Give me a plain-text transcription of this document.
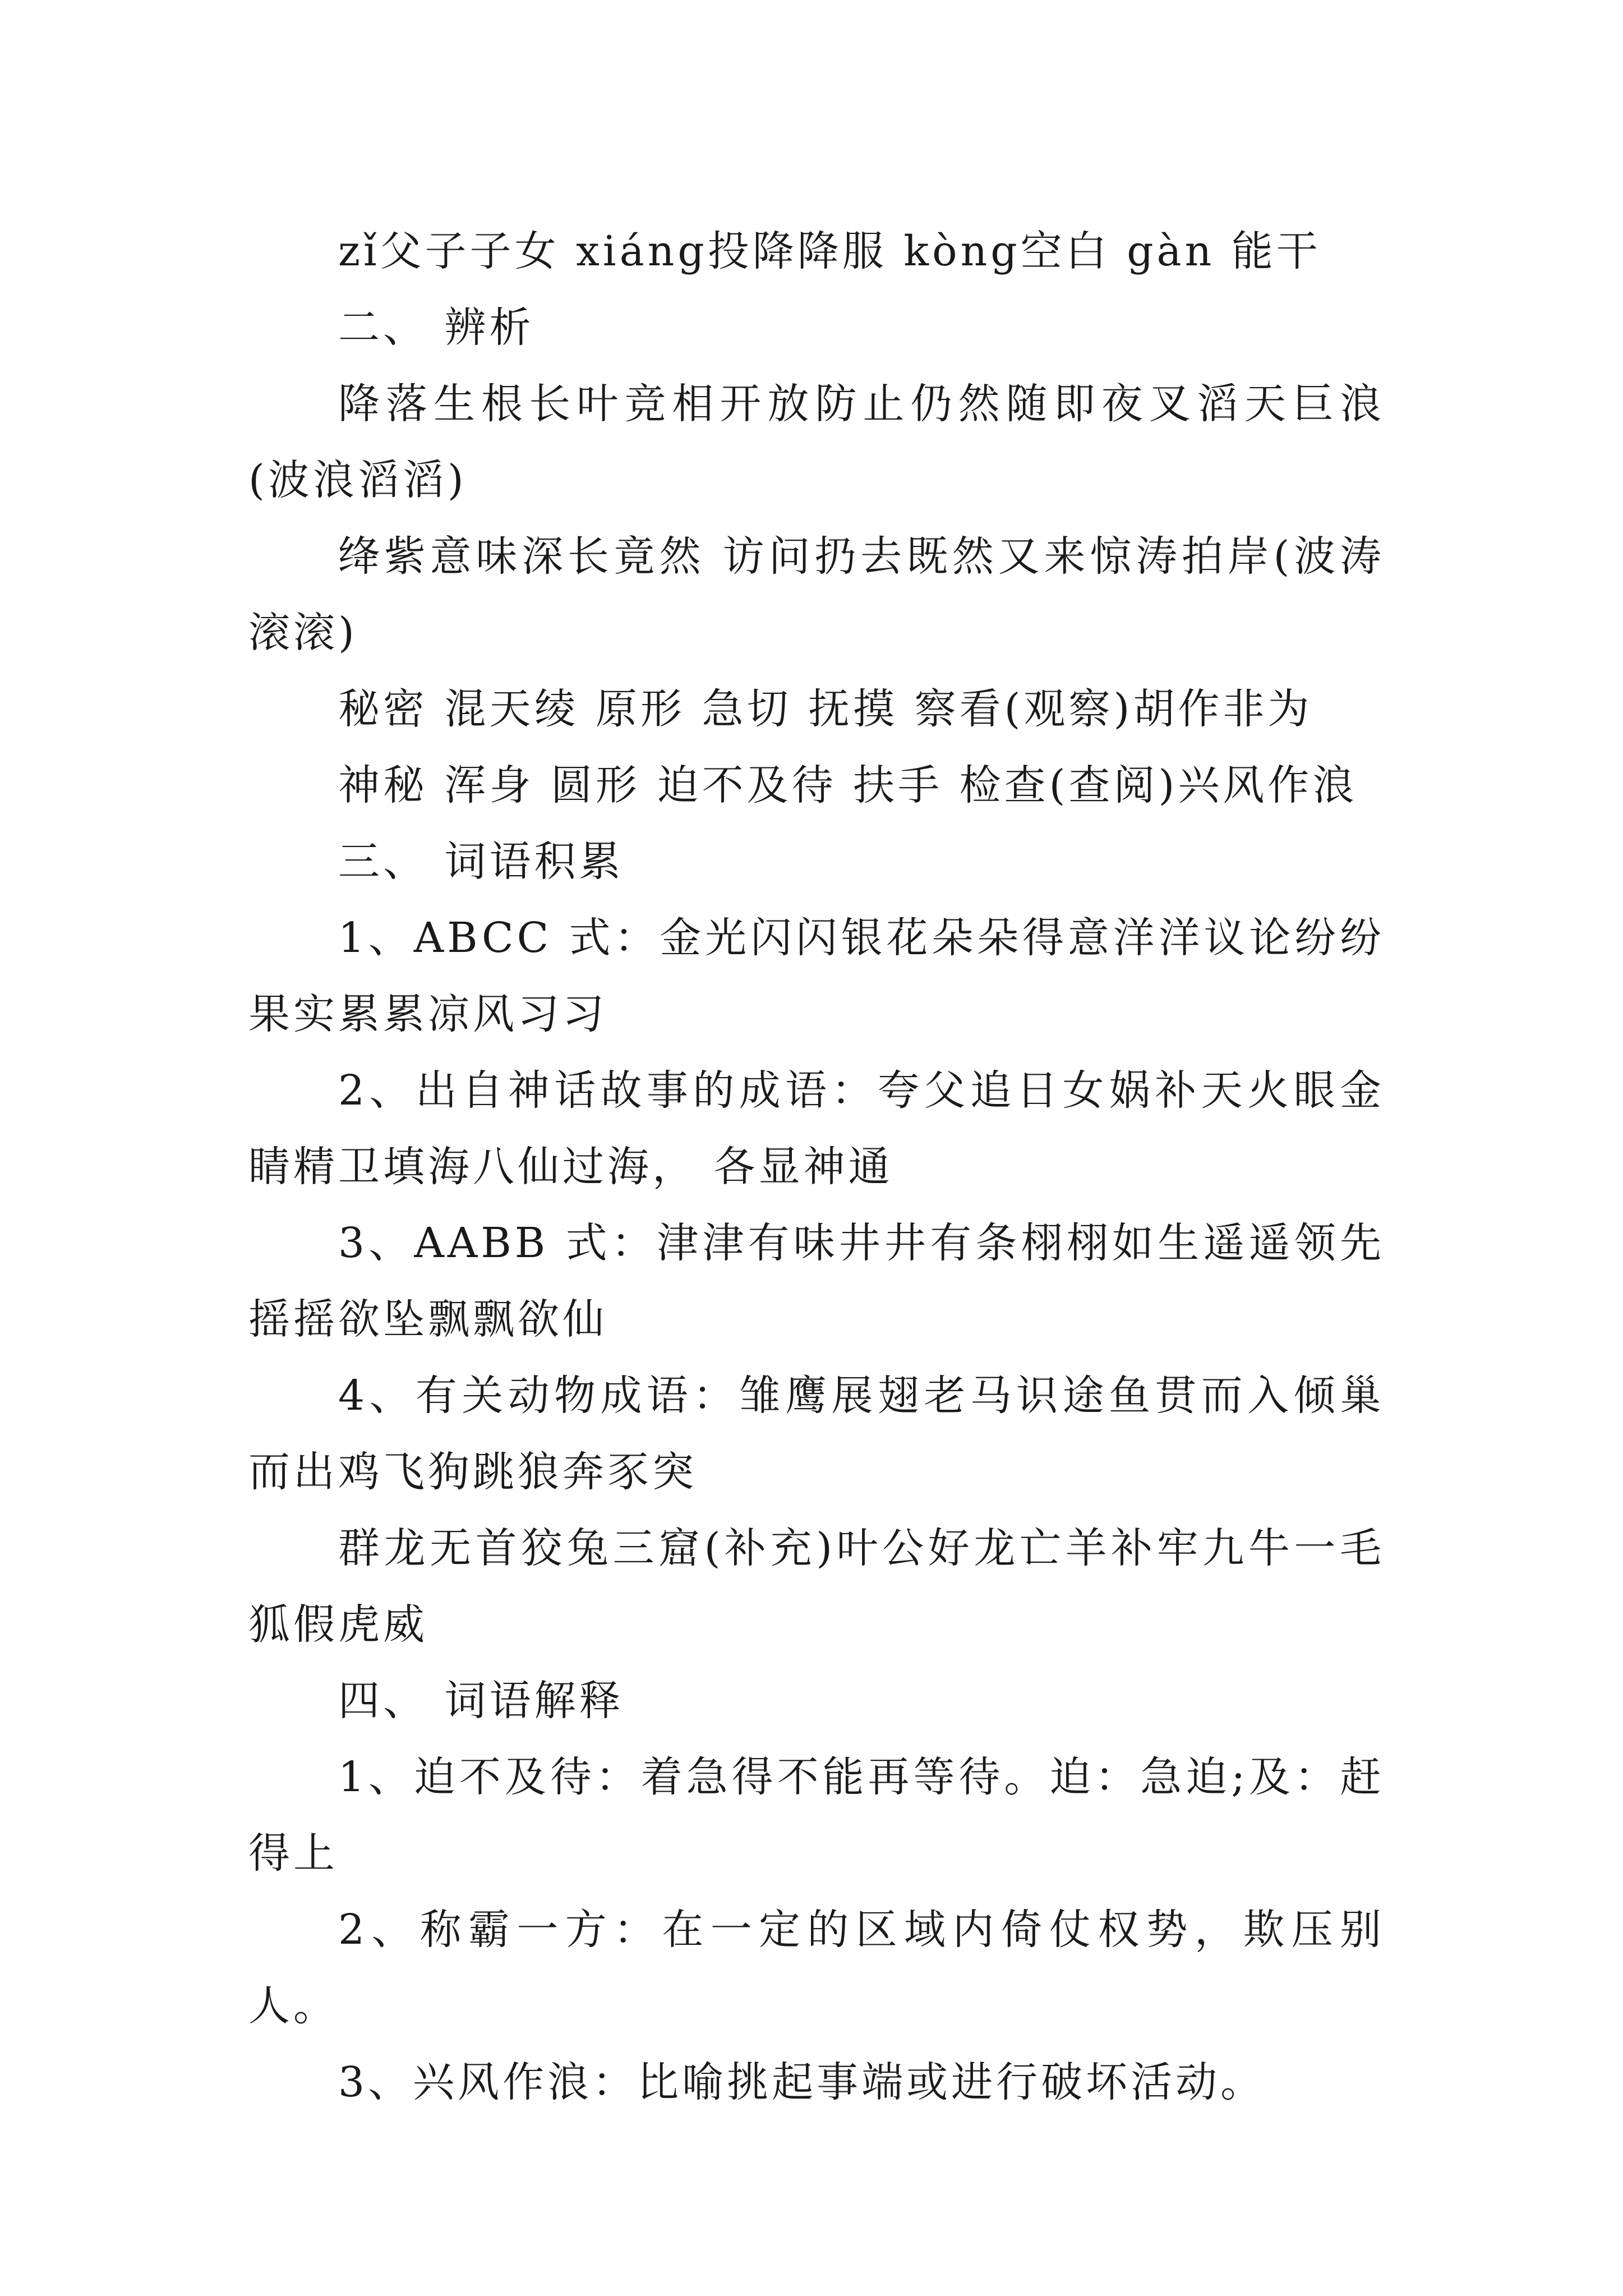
zǐ父子子女 xiáng投降降服 kòng空白 gàn 能干

二、 辨析

降落生根长叶竞相开放防止仍然随即夜叉滔天巨浪(波浪滔滔)

绛紫意味深长竟然 访问扔去既然又来惊涛拍岸(波涛滚滚)

秘密 混天绫 原形 急切 抚摸 察看(观察)胡作非为

神秘 浑身 圆形 迫不及待 扶手 检查(查阅)兴风作浪

三、 词语积累

1、ABCC 式：金光闪闪银花朵朵得意洋洋议论纷纷果实累累凉风习习

2、出自神话故事的成语：夸父追日女娲补天火眼金睛精卫填海八仙过海， 各显神通

3、AABB 式：津津有味井井有条栩栩如生遥遥领先摇摇欲坠飘飘欲仙

4、有关动物成语：雏鹰展翅老马识途鱼贯而入倾巢而出鸡飞狗跳狼奔豕突

群龙无首狡兔三窟(补充)叶公好龙亡羊补牢九牛一毛狐假虎威

四、 词语解释

1、迫不及待：着急得不能再等待。迫：急迫;及：赶得上

2、称霸一方：在一定的区域内倚仗权势，欺压别人。

3、兴风作浪：比喻挑起事端或进行破坏活动。
